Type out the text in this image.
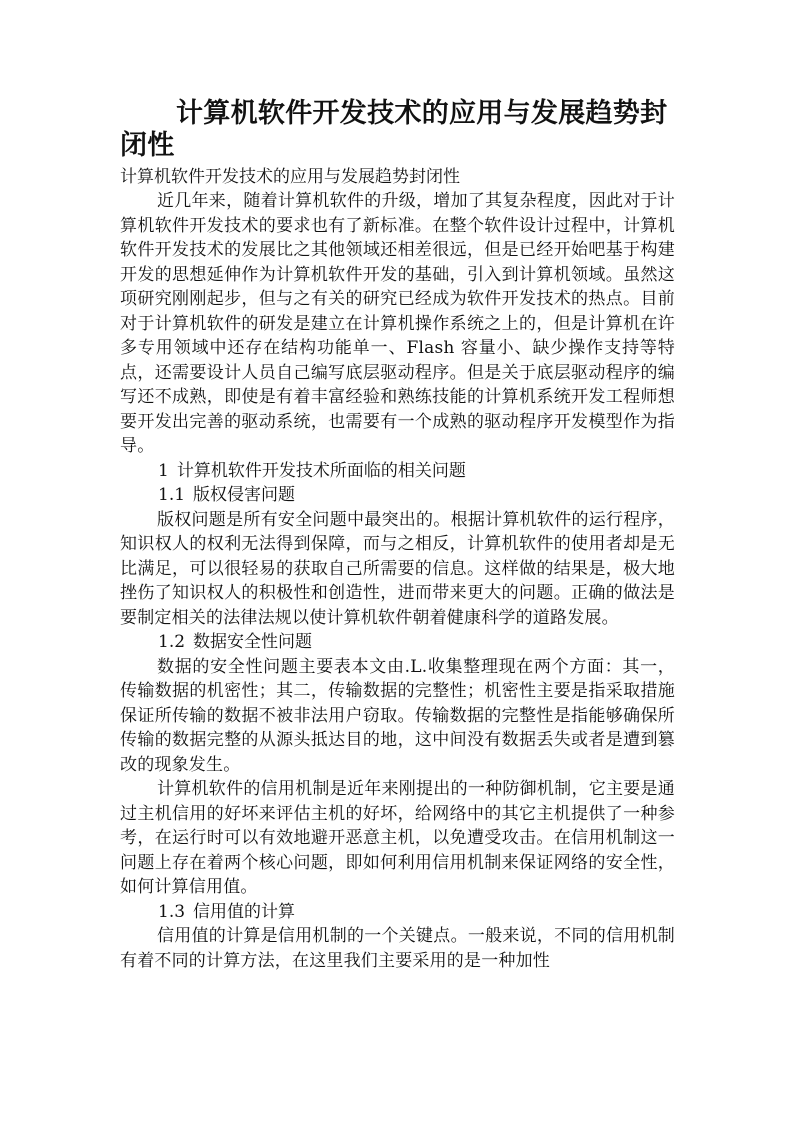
计算机软件开发技术的应用与发展趋势封闭性

计算机软件开发技术的应用与发展趋势封闭性

近几年来，随着计算机软件的升级，增加了其复杂程度，因此对于计算机软件开发技术的要求也有了新标准。在整个软件设计过程中，计算机软件开发技术的发展比之其他领域还相差很远，但是已经开始吧基于构建开发的思想延伸作为计算机软件开发的基础，引入到计算机领域。虽然这项研究刚刚起步，但与之有关的研究已经成为软件开发技术的热点。目前对于计算机软件的研发是建立在计算机操作系统之上的，但是计算机在许多专用领域中还存在结构功能单一、Flash 容量小、缺少操作支持等特点，还需要设计人员自己编写底层驱动程序。但是关于底层驱动程序的编写还不成熟，即使是有着丰富经验和熟练技能的计算机系统开发工程师想要开发出完善的驱动系统，也需要有一个成熟的驱动程序开发模型作为指导。

1 计算机软件开发技术所面临的相关问题

1.1 版权侵害问题

版权问题是所有安全问题中最突出的。根据计算机软件的运行程序，知识权人的权利无法得到保障，而与之相反，计算机软件的使用者却是无比满足，可以很轻易的获取自己所需要的信息。这样做的结果是，极大地挫伤了知识权人的积极性和创造性，进而带来更大的问题。正确的做法是要制定相关的法律法规以使计算机软件朝着健康科学的道路发展。

1.2 数据安全性问题

数据的安全性问题主要表本文由.L.收集整理现在两个方面：其一，传输数据的机密性；其二，传输数据的完整性；机密性主要是指采取措施保证所传输的数据不被非法用户窃取。传输数据的完整性是指能够确保所传输的数据完整的从源头抵达目的地，这中间没有数据丢失或者是遭到篡改的现象发生。

计算机软件的信用机制是近年来刚提出的一种防御机制，它主要是通过主机信用的好坏来评估主机的好坏，给网络中的其它主机提供了一种参考，在运行时可以有效地避开恶意主机，以免遭受攻击。在信用机制这一问题上存在着两个核心问题，即如何利用信用机制来保证网络的安全性，如何计算信用值。

1.3 信用值的计算

信用值的计算是信用机制的一个关键点。一般来说，不同的信用机制有着不同的计算方法，在这里我们主要采用的是一种加性
